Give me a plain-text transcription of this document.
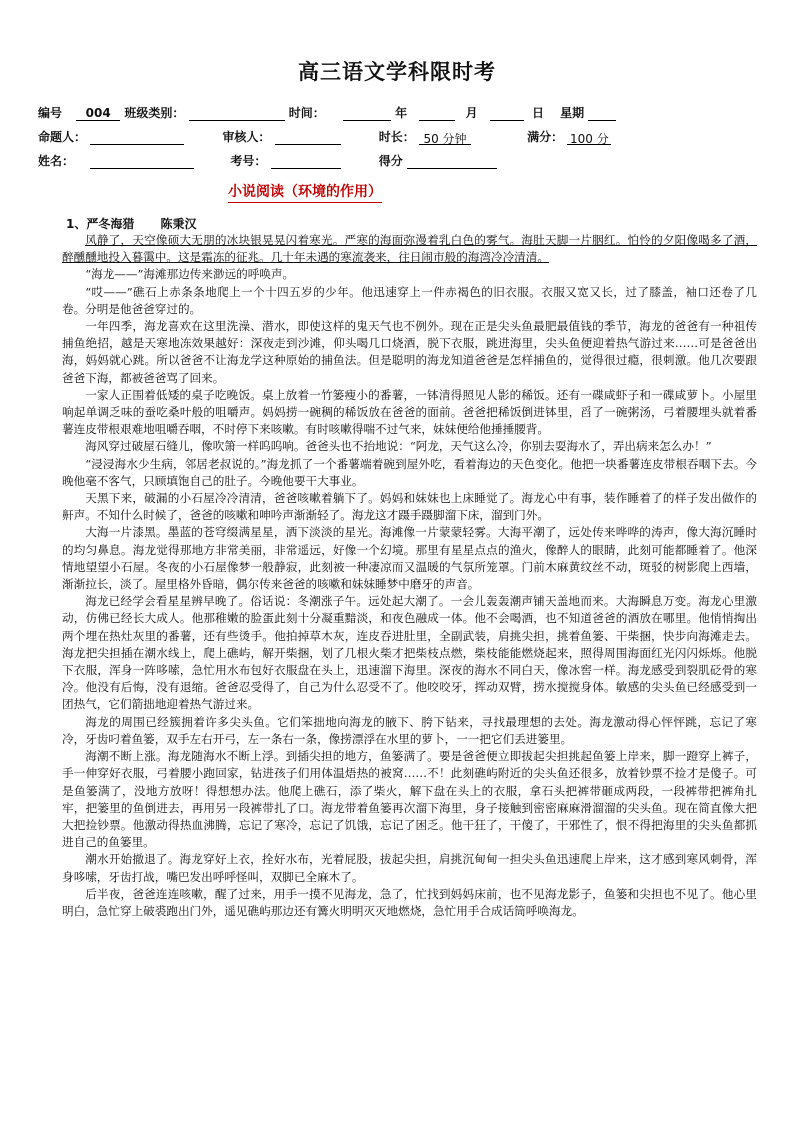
高三语文学科限时考
编号 004 班级类别：	时间：	年	月	日 星期
命题人：	审核人：	时长： 50 分钟	满分： 100 分
姓名：	考号：	得分
小说阅读（环境的作用）
1、严冬海猎 陈秉汉

风静了，天空像硕大无朋的冰块银晃晃闪着寒光。严寒的海面弥漫着乳白色的雾气。海肚天脚一片胭红。怕怜的夕阳像喝多了酒，醉醺醺地投入暮霭中。这是霜冻的征兆。几十年未遇的寒流袭来，往日闹市般的海湾冷冷清清。

“海龙——”海滩那边传来渺远的呼唤声。

“哎——”礁石上赤条条地爬上一个十四五岁的少年。他迅速穿上一件赤褐色的旧衣服。衣服又宽又长，过了膝盖，袖口还卷了几卷。分明是他爸爸穿过的。

一年四季，海龙喜欢在这里洗澡、潜水，即使这样的鬼天气也不例外。现在正是尖头鱼最肥最值钱的季节，海龙的爸爸有一种祖传捕鱼绝招，越是天寒地冻效果越好：深夜走到沙滩，仰头喝几口烧酒，脱下衣服，跳进海里，尖头鱼便迎着热气游过来……可是爸爸出海，妈妈就心跳。所以爸爸不让海龙学这种原始的捕鱼法。但是聪明的海龙知道爸爸是怎样捕鱼的，觉得很过瘾，很刺激。他几次要跟爸爸下海，都被爸爸骂了回来。

一家人正围着低矮的桌子吃晚饭。桌上放着一竹篓瘦小的番薯，一钵清得照见人影的稀饭。还有一碟咸虾子和一碟咸萝卜。小屋里响起单调乏味的蚕吃桑叶般的咀嚼声。妈妈捞一碗稠的稀饭放在爸爸的面前。爸爸把稀饭倒进钵里，舀了一碗粥汤，弓着腰埋头就着番薯连皮带根艰难地咀嚼吞咽，不时停下来咳嗽。有时咳嗽得喘不过气来，妹妹便给他捶捶腰背。

海风穿过破屋石缝儿，像吹箫一样呜呜响。爸爸头也不抬地说：“阿龙，天气这么冷，你别去耍海水了，弄出病来怎么办！”

“浸浸海水少生病，邻居老叔说的。”海龙抓了一个番薯端着碗到屋外吃，看着海边的天色变化。他把一块番薯连皮带根吞咽下去。今晚他毫不客气，只顾填饱自己的肚子。今晚他要干大事业。

天黑下来，破漏的小石屋冷冷清清，爸爸咳嗽着躺下了。妈妈和妹妹也上床睡觉了。海龙心中有事，装作睡着了的样子发出做作的鼾声。不知什么时候了，爸爸的咳嗽和呻吟声渐渐轻了。海龙这才蹑手蹑脚溜下床，溜到门外。

大海一片漆黑。墨蓝的苍穹缀满星星，洒下淡淡的星光。海滩像一片蒙蒙轻雾。大海平潮了，远处传来哗哗的涛声，像大海沉睡时的均匀鼻息。海龙觉得那地方非常美丽，非常遥远，好像一个幻境。那里有星星点点的渔火，像醉人的眼睛，此刻可能都睡着了。他深情地望望小石屋。冬夜的小石屋像梦一般静寂，此刻被一种凄凉而又温暖的气氛所笼罩。门前木麻黄纹丝不动，斑驳的树影爬上西墙，渐渐拉长，淡了。屋里格外昏暗，偶尔传来爸爸的咳嗽和妹妹睡梦中磨牙的声音。

海龙已经学会看星星辨早晚了。俗话说：冬潮涨子午。远处起大潮了。一会儿轰轰潮声铺天盖地而来。大海瞬息万变。海龙心里激动，仿佛已经长大成人。他那稚嫩的脸蛋此刻十分凝重黯淡，和夜色融成一体。他不会喝酒，也不知道爸爸的酒放在哪里。他悄悄掏出两个埋在热灶灰里的番薯，还有些烫手。他拍掉草木灰，连皮吞进肚里，全副武装，肩挑尖担，挑着鱼篓、干柴捆，快步向海滩走去。海龙把尖担插在潮水线上，爬上礁屿，解开柴捆，划了几根火柴才把柴枝点燃，柴枝能能燃烧起来，照得周围海面红光闪闪烁烁。他脱下衣服，浑身一阵哆嗦，急忙用水布包好衣服盘在头上，迅速溜下海里。深夜的海水不同白天，像冰窖一样。海龙感受到裂肌砭骨的寒冷。他没有后悔，没有退缩。爸爸忍受得了，自己为什么忍受不了。他咬咬牙，挥动双臂，捞水搅搅身体。敏感的尖头鱼已经感受到一团热气，它们箭拙地迎着热气游过来。

海龙的周围已经簇拥着许多尖头鱼。它们笨拙地向海龙的腋下、胯下钻来，寻找最理想的去处。海龙激动得心怦怦跳，忘记了寒冷，牙齿叼着鱼篓，双手左右开弓，左一条右一条，像捞漂浮在水里的萝卜，一一把它们丢进篓里。

海潮不断上涨。海龙随海水不断上浮。到插尖担的地方，鱼篓满了。要是爸爸便立即拔起尖担挑起鱼篓上岸来，脚一蹬穿上裤子，手一伸穿好衣服，弓着腰小跑回家，钻进孩子们用体温焐热的被窝……不！此刻礁屿附近的尖头鱼还很多，放着钞票不捡才是傻子。可是鱼篓满了，没地方放呀！得想想办法。他爬上礁石，添了柴火，解下盘在头上的衣服，拿石头把裤带砸成两段，一段裤带把裤角扎牢，把篓里的鱼倒进去，再用另一段裤带扎了口。海龙带着鱼篓再次溜下海里，身子接触到密密麻麻滑溜溜的尖头鱼。现在简直像大把大把捡钞票。他激动得热血沸腾，忘记了寒冷，忘记了饥饿，忘记了困乏。他干狂了，干傻了，干邪性了，恨不得把海里的尖头鱼都抓进自己的鱼篓里。

潮水开始撤退了。海龙穿好上衣，拴好水布，光着屁股，拔起尖担，肩挑沉甸甸一担尖头鱼迅速爬上岸来，这才感到寒风刺骨，浑身哆嗦，牙齿打战，嘴巴发出呼呼怪叫，双脚已全麻木了。

后半夜，爸爸连连咳嗽，醒了过来，用手一摸不见海龙，急了，忙找到妈妈床前，也不见海龙影子，鱼篓和尖担也不见了。他心里明白，急忙穿上破裘跑出门外，遥见礁屿那边还有篝火明明灭灭地燃烧，急忙用手合成话筒呼唤海龙。
